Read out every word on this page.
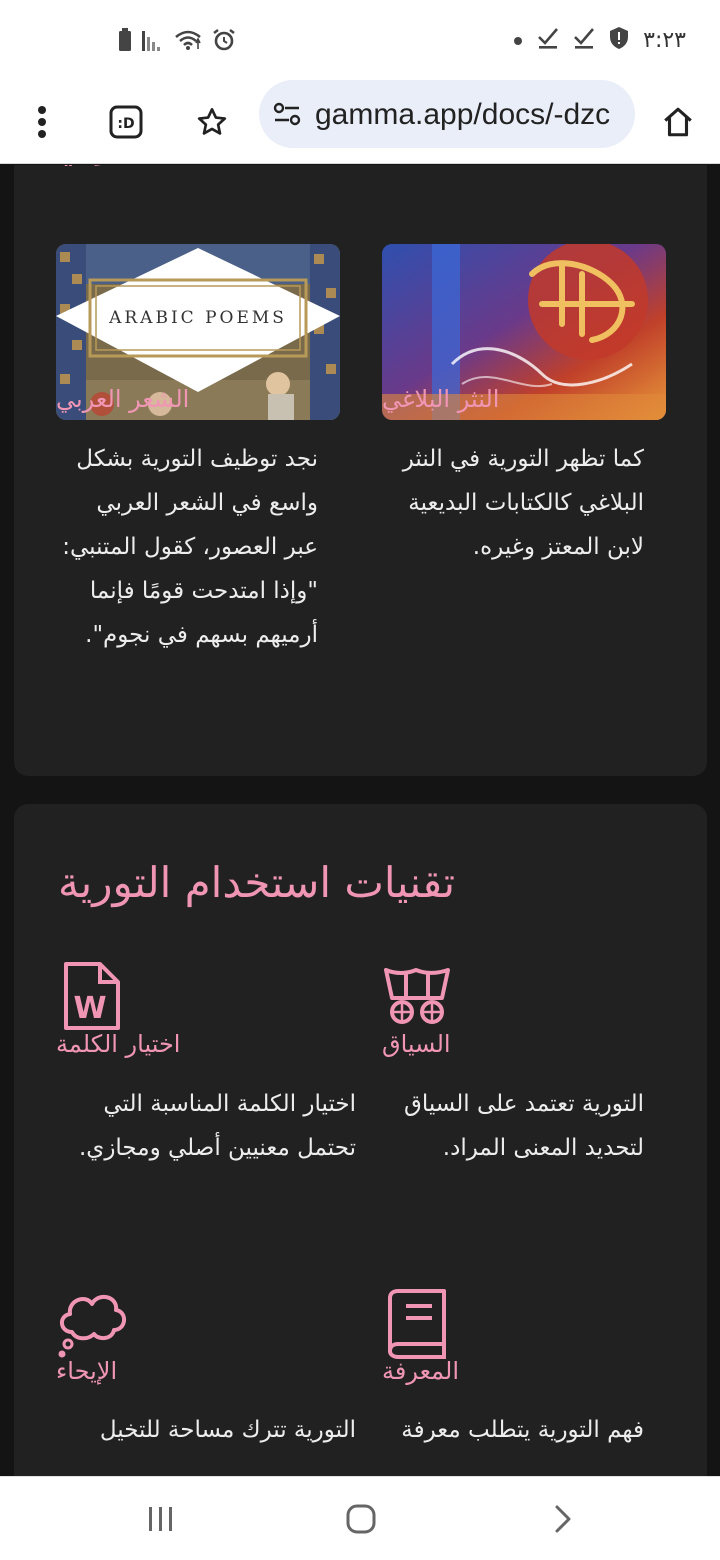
٣:٢٣
:D	gamma.app/docs/-dzc
ARABIC POEMS
الشعر العربي	النثر البلاغي
نجد توظيف التورية بشكل واسع في الشعر العربي عبر العصور، كقول المتنبي: "وإذا امتدحت قومًا فإنما أرميهم بسهم في نجوم".
كما تظهر التورية في النثر البلاغي كالكتابات البديعية لابن المعتز وغيره.
تقنيات استخدام التورية
W
اختيار الكلمة
اختيار الكلمة المناسبة التي تحتمل معنيين أصلي ومجازي.
السياق
التورية تعتمد على السياق لتحديد المعنى المراد.
الإيحاء
التورية تترك مساحة للتخيل
المعرفة
فهم التورية يتطلب معرفة
